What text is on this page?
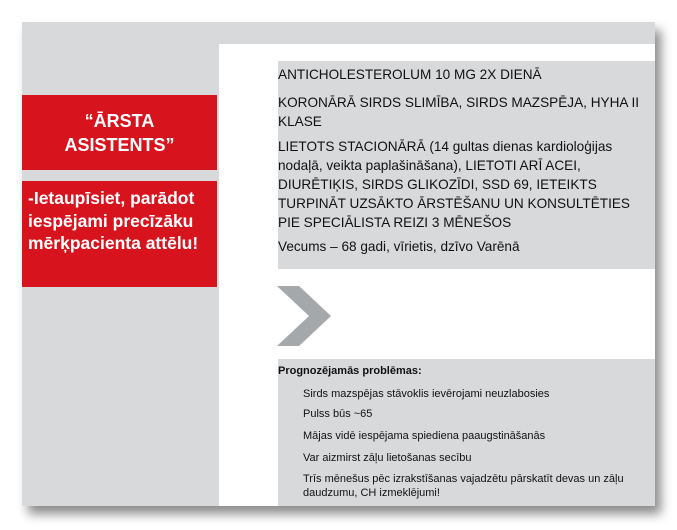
“ĀRSTA ASISTENTS”
-Ietaupīsiet, parādot iespējami precīzāku mērķpacienta attēlu!
ANTICHOLESTEROLUM 10 MG 2X DIENĀ
KORONĀRĀ SIRDS SLIMĪBA, SIRDS MAZSPĒJA, HYHA II KLASE
LIETOTS STACIONĀRĀ (14 gultas dienas kardioloģijas nodaļā, veikta paplašināšana), LIETOTI ARĪ ACEI, DIURĒTIĶIS, SIRDS GLIKOZĪDI, SSD 69, IETEIKTS TURPINĀT UZSĀKTO ĀRSTĒŠANU UN KONSULTĒTIES PIE SPECIĀLISTA REIZI 3 MĒNEŠOS
Vecums – 68 gadi, vīrietis, dzīvo Varēnā
Prognozējamās problēmas:
Sirds mazspējas stāvoklis ievērojami neuzlabosies
Pulss būs ~65
Mājas vidē iespējama spiediena paaugstināšanās
Var aizmirst zāļu lietošanas secību
Trīs mēnešus pēc izrakstīšanas vajadzētu pārskatīt devas un zāļu daudzumu, CH izmeklējumi!
